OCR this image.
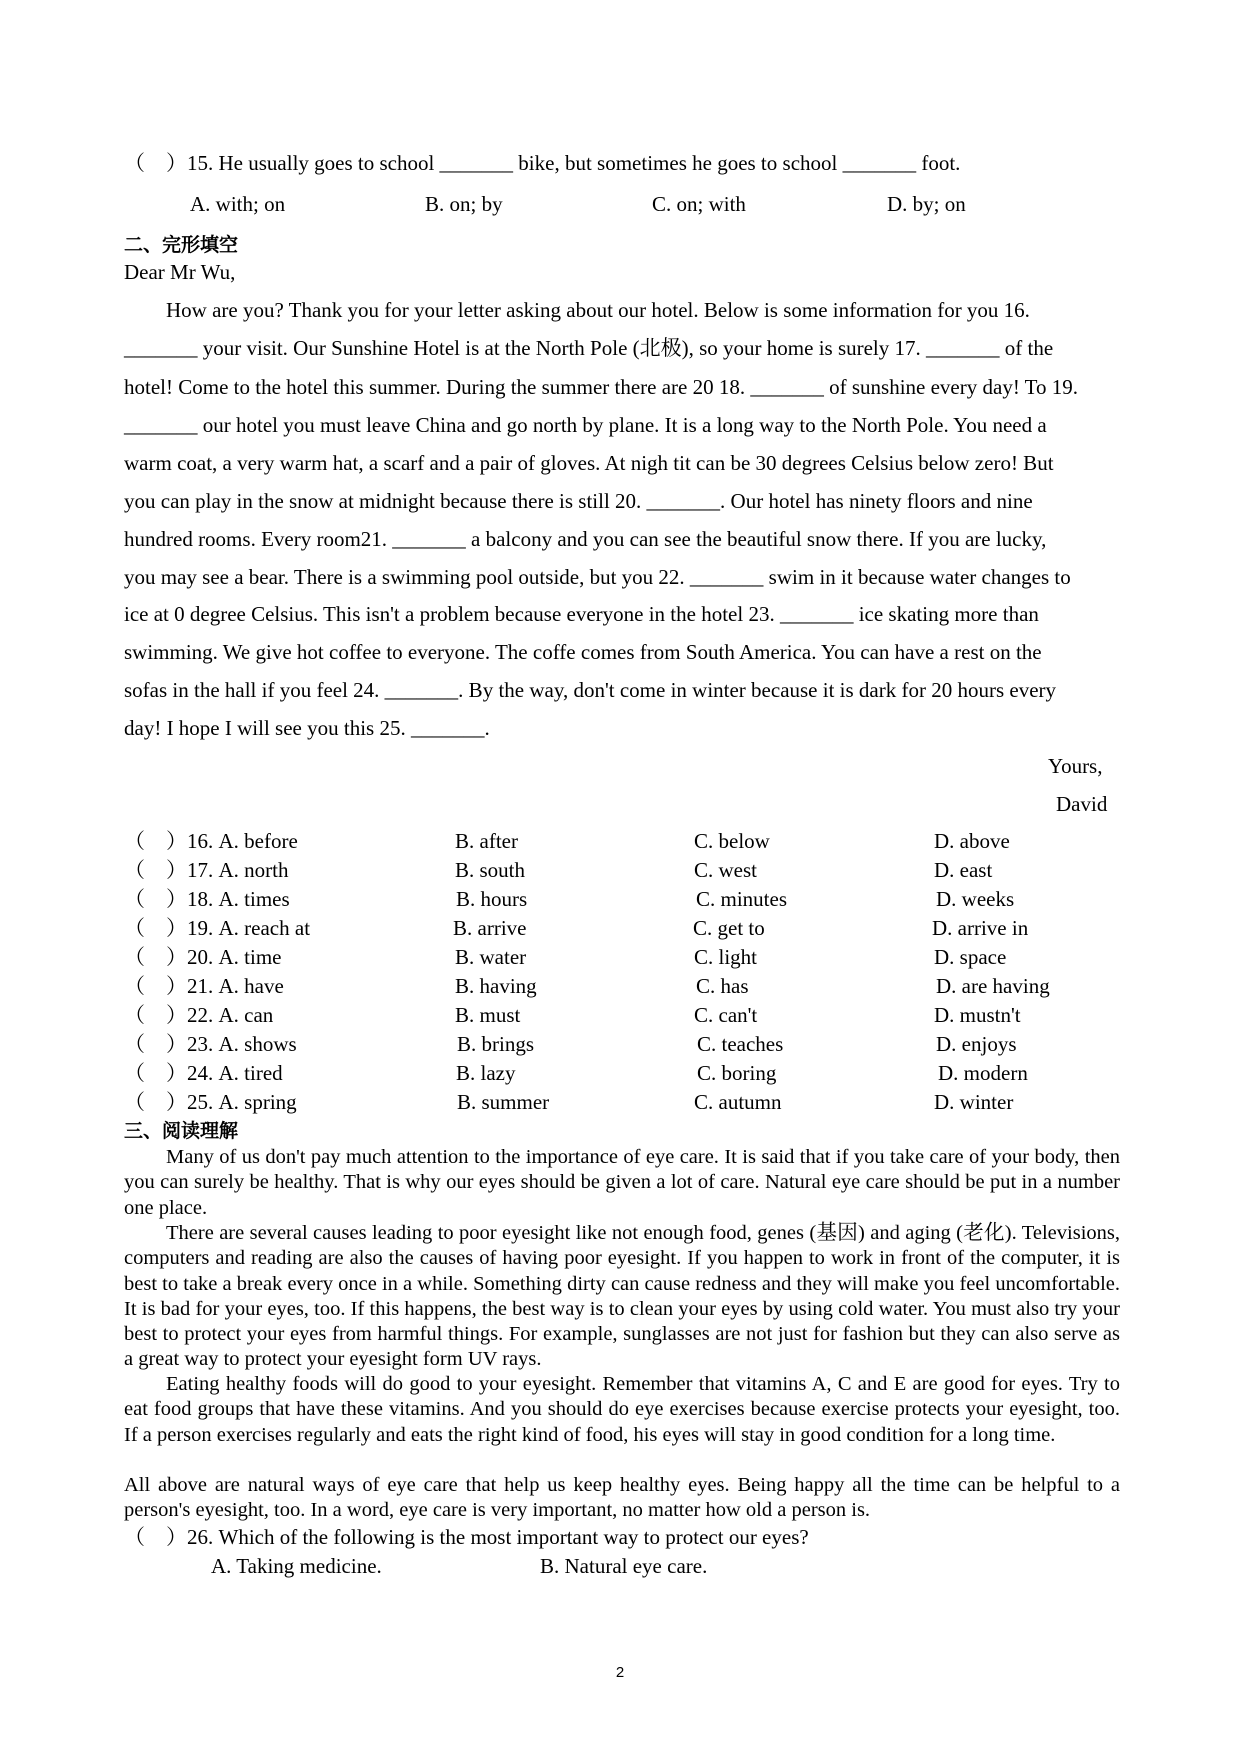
（　）15. He usually goes to school _______ bike, but sometimes he goes to school _______ foot.
A. with; on	B. on; by	C. on; with	D. by; on
二、完形填空
Dear Mr Wu,
How are you? Thank you for your letter asking about our hotel. Below is some information for you 16.
_______ your visit. Our Sunshine Hotel is at the North Pole (北极), so your home is surely 17. _______ of the
hotel! Come to the hotel this summer. During the summer there are 20 18. _______ of sunshine every day! To 19.
_______ our hotel you must leave China and go north by plane. It is a long way to the North Pole. You need a
warm coat, a very warm hat, a scarf and a pair of gloves. At nigh tit can be 30 degrees Celsius below zero! But
you can play in the snow at midnight because there is still 20. _______. Our hotel has ninety floors and nine
hundred rooms. Every room21. _______ a balcony and you can see the beautiful snow there. If you are lucky,
you may see a bear. There is a swimming pool outside, but you 22. _______ swim in it because water changes to
ice at 0 degree Celsius. This isn't a problem because everyone in the hotel 23. _______ ice skating more than
swimming. We give hot coffee to everyone. The coffe comes from South America. You can have a rest on the
sofas in the hall if you feel 24. _______. By the way, don't come in winter because it is dark for 20 hours every
day! I hope I will see you this 25. _______.
Yours,
David
（　）16. A. before	B. after	C. below	D. above
（　）17. A. north	B. south	C. west	D. east
（　）18. A. times	B. hours	C. minutes	D. weeks
（　）19. A. reach at	B. arrive	C. get to	D. arrive in
（　）20. A. time	B. water	C. light	D. space
（　）21. A. have	B. having	C. has	D. are having
（　）22. A. can	B. must	C. can't	D. mustn't
（　）23. A. shows	B. brings	C. teaches	D. enjoys
（　）24. A. tired	B. lazy	C. boring	D. modern
（　）25. A. spring	B. summer	C. autumn	D. winter
三、阅读理解
Many of us don't pay much attention to the importance of eye care. It is said that if you take care of your body, then you can surely be healthy. That is why our eyes should be given a lot of care. Natural eye care should be put in a number one place.
There are several causes leading to poor eyesight like not enough food, genes (基因) and aging (老化). Televisions, computers and reading are also the causes of having poor eyesight. If you happen to work in front of the computer, it is best to take a break every once in a while. Something dirty can cause redness and they will make you feel uncomfortable. It is bad for your eyes, too. If this happens, the best way is to clean your eyes by using cold water. You must also try your best to protect your eyes from harmful things. For example, sunglasses are not just for fashion but they can also serve as a great way to protect your eyesight form UV rays.
Eating healthy foods will do good to your eyesight. Remember that vitamins A, C and E are good for eyes. Try to eat food groups that have these vitamins. And you should do eye exercises because exercise protects your eyesight, too. If a person exercises regularly and eats the right kind of food, his eyes will stay in good condition for a long time.
All above are natural ways of eye care that help us keep healthy eyes. Being happy all the time can be helpful to a person's eyesight, too. In a word, eye care is very important, no matter how old a person is.
（　）26. Which of the following is the most important way to protect our eyes?
A. Taking medicine.	B. Natural eye care.
2
